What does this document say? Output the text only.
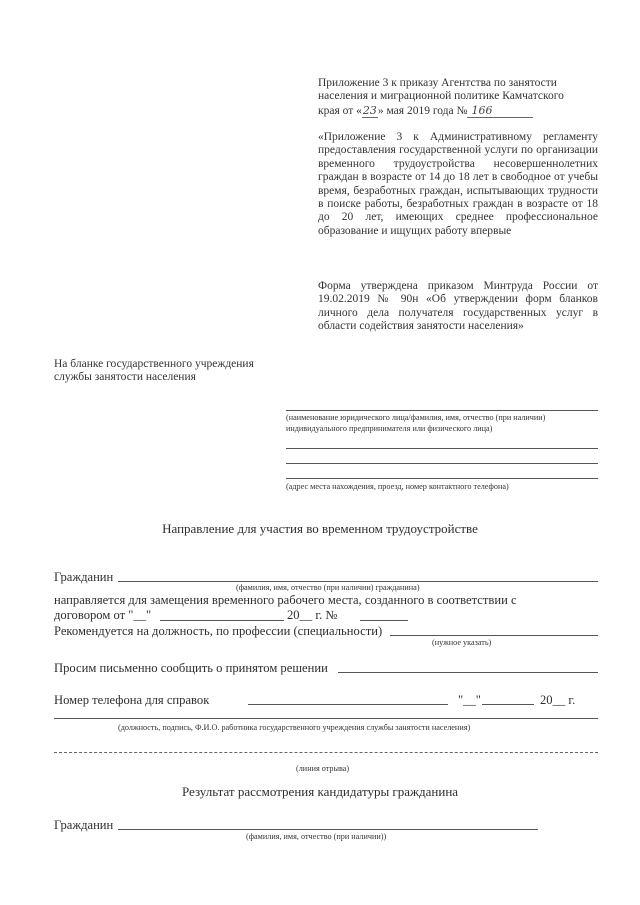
Приложение 3 к приказу Агентства по занятости
населения и миграционной политике Камчатского
края от «23» мая 2019 года № 166
«Приложение 3 к Административному регламенту предоставления государственной услуги по организации временного трудоустройства несовершеннолетних граждан в возрасте от 14 до 18 лет в свободное от учебы время, безработных граждан, испытывающих трудности в поиске работы, безработных граждан в возрасте от 18 до 20 лет, имеющих среднее профессиональное образование и ищущих работу впервые
Форма утверждена приказом Минтруда России от 19.02.2019 № 90н «Об утверждении форм бланков личного дела получателя государственных услуг в области содействия занятости населения»
На бланке государственного учреждения
службы занятости населения
(наименование юридического лица/фамилия, имя, отчество (при наличии)
индивидуального предпринимателя или физического лица)
(адрес места нахождения, проезд, номер контактного телефона)
Направление для участия во временном трудоустройстве
Гражданин
(фамилия, имя, отчество (при наличии) гражданина)
направляется для замещения временного рабочего места, созданного в соответствии с
договором от "__"	20__ г. №
Рекомендуется на должность, по профессии (специальности)
(нужное указать)
Просим письменно сообщить о принятом решении
Номер телефона для справок	"__"	20__ г.
(должность, подпись, Ф.И.О. работника государственного учреждения службы занятости населения)
(линия отрыва)
Результат рассмотрения кандидатуры гражданина
Гражданин
(фамилия, имя, отчество (при наличии))
